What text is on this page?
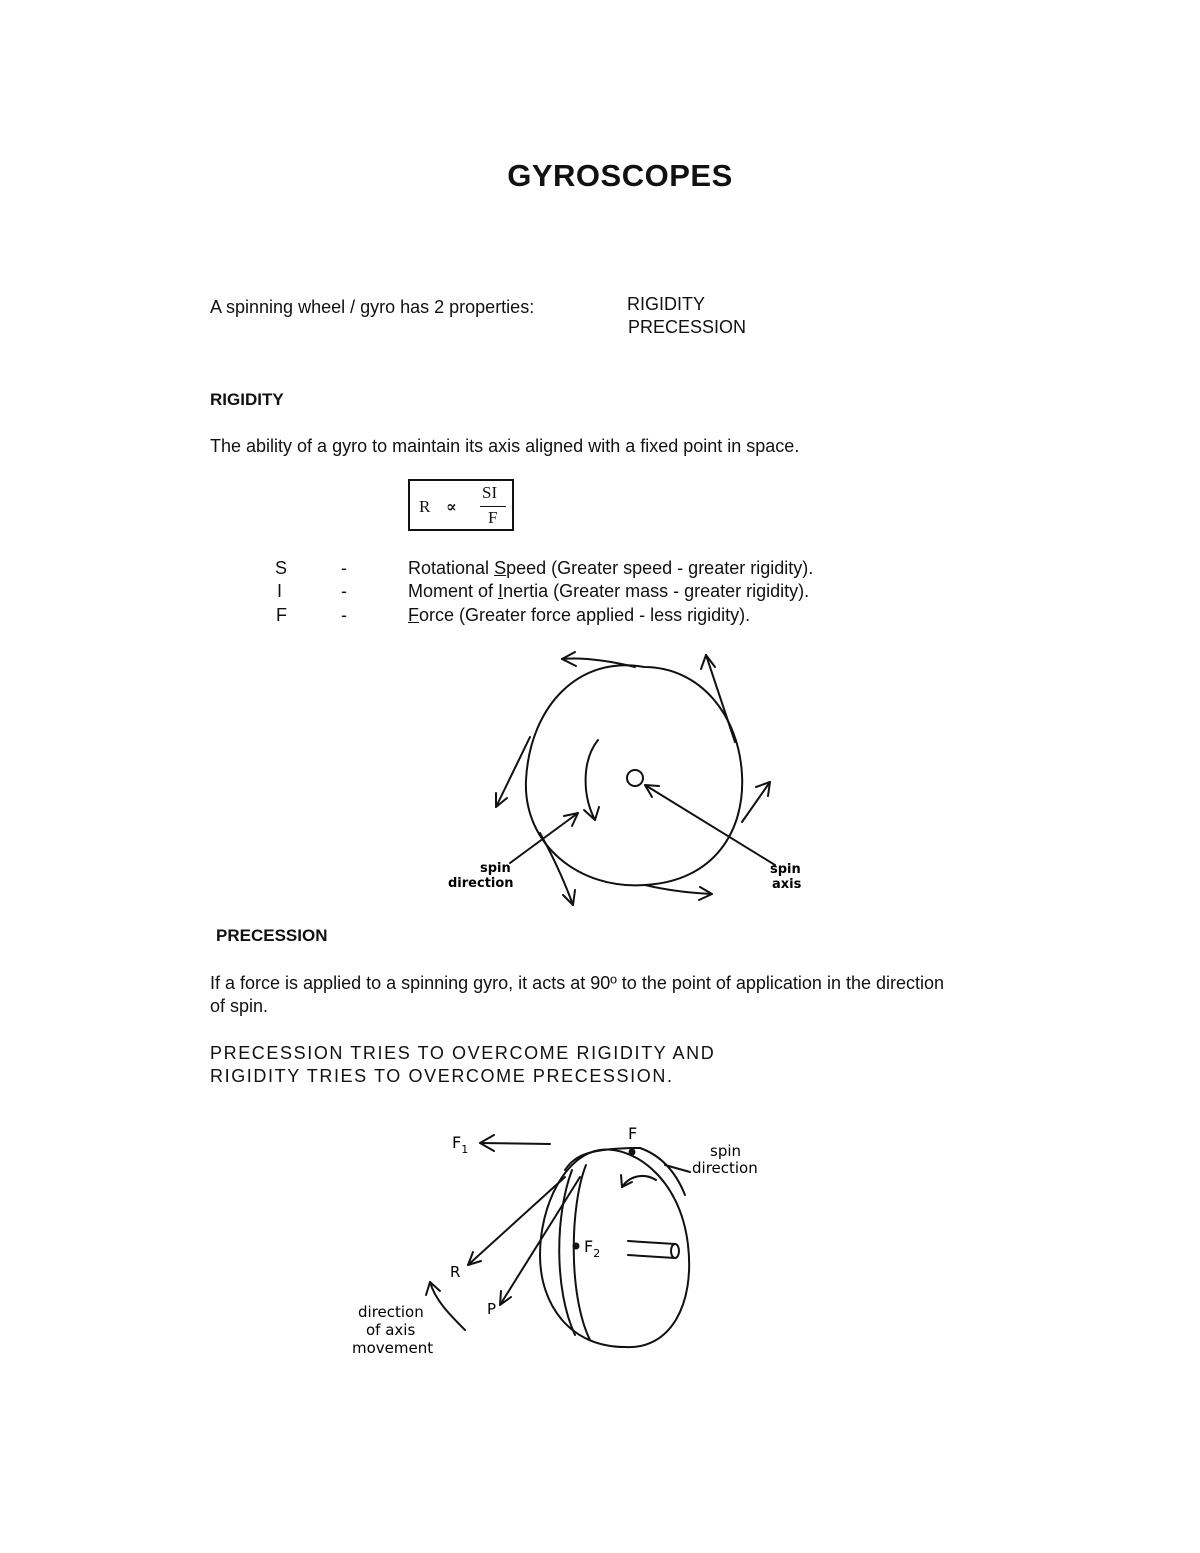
GYROSCOPES
A spinning wheel / gyro has 2 properties:	RIGIDITY
PRECESSION
RIGIDITY
The ability of a gyro to maintain its axis aligned with a fixed point in space.
R ∝
SI
F
S	-	Rotational Speed (Greater speed - greater rigidity).
I	-	Moment of Inertia (Greater mass - greater rigidity).
F	-	Force (Greater force applied - less rigidity).
spin
direction
spin
axis
PRECESSION
If a force is applied to a spinning gyro, it acts at 90º to the point of application in the direction
of spin.
PRECESSION TRIES TO OVERCOME RIGIDITY AND
RIGIDITY TRIES TO OVERCOME PRECESSION.
$F_1$
F
$F_2$
R
P
spin
direction
direction
of axis
movement
